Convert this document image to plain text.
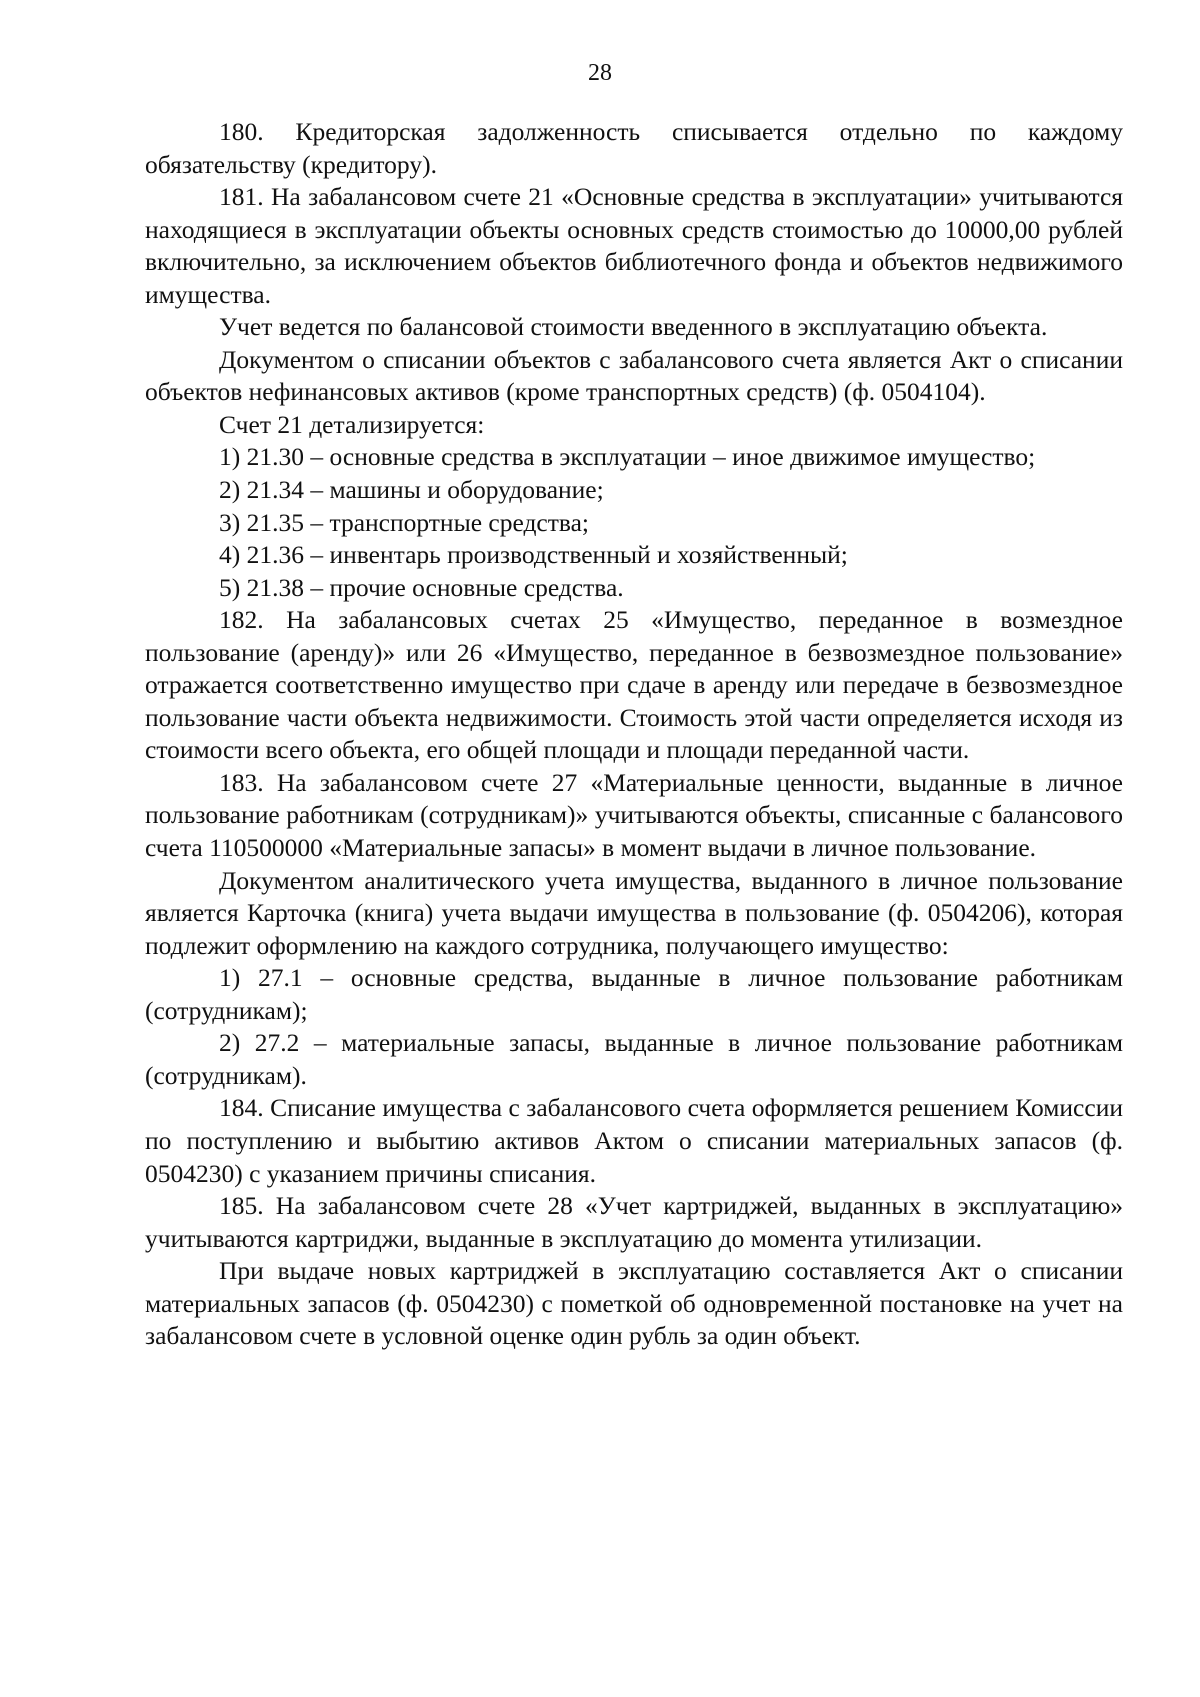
28

180. Кредиторская задолженность списывается отдельно по каждому обязательству (кредитору).

181. На забалансовом счете 21 «Основные средства в эксплуатации» учитываются находящиеся в эксплуатации объекты основных средств стоимостью до 10000,00 рублей включительно, за исключением объектов библиотечного фонда и объектов недвижимого имущества.

Учет ведется по балансовой стоимости введенного в эксплуатацию объекта.

Документом о списании объектов с забалансового счета является Акт о списании объектов нефинансовых активов (кроме транспортных средств) (ф. 0504104).

Счет 21 детализируется:

1) 21.30 – основные средства в эксплуатации – иное движимое имущество;

2) 21.34 – машины и оборудование;

3) 21.35 – транспортные средства;

4) 21.36 – инвентарь производственный и хозяйственный;

5) 21.38 – прочие основные средства.

182. На забалансовых счетах 25 «Имущество, переданное в возмездное пользование (аренду)» или 26 «Имущество, переданное в безвозмездное пользование» отражается соответственно имущество при сдаче в аренду или передаче в безвозмездное пользование части объекта недвижимости. Стоимость этой части определяется исходя из стоимости всего объекта, его общей площади и площади переданной части.

183. На забалансовом счете 27 «Материальные ценности, выданные в личное пользование работникам (сотрудникам)» учитываются объекты, списанные с балансового счета 110500000 «Материальные запасы» в момент выдачи в личное пользование.

Документом аналитического учета имущества, выданного в личное пользование является Карточка (книга) учета выдачи имущества в пользование (ф. 0504206), которая подлежит оформлению на каждого сотрудника, получающего имущество:

1) 27.1 – основные средства, выданные в личное пользование работникам (сотрудникам);

2) 27.2 – материальные запасы, выданные в личное пользование работникам (сотрудникам).

184. Списание имущества с забалансового счета оформляется решением Комиссии по поступлению и выбытию активов Актом о списании материальных запасов (ф. 0504230) с указанием причины списания.

185. На забалансовом счете 28 «Учет картриджей, выданных в эксплуатацию» учитываются картриджи, выданные в эксплуатацию до момента утилизации.

При выдаче новых картриджей в эксплуатацию составляется Акт о списании материальных запасов (ф. 0504230) с пометкой об одновременной постановке на учет на забалансовом счете в условной оценке один рубль за один объект.
